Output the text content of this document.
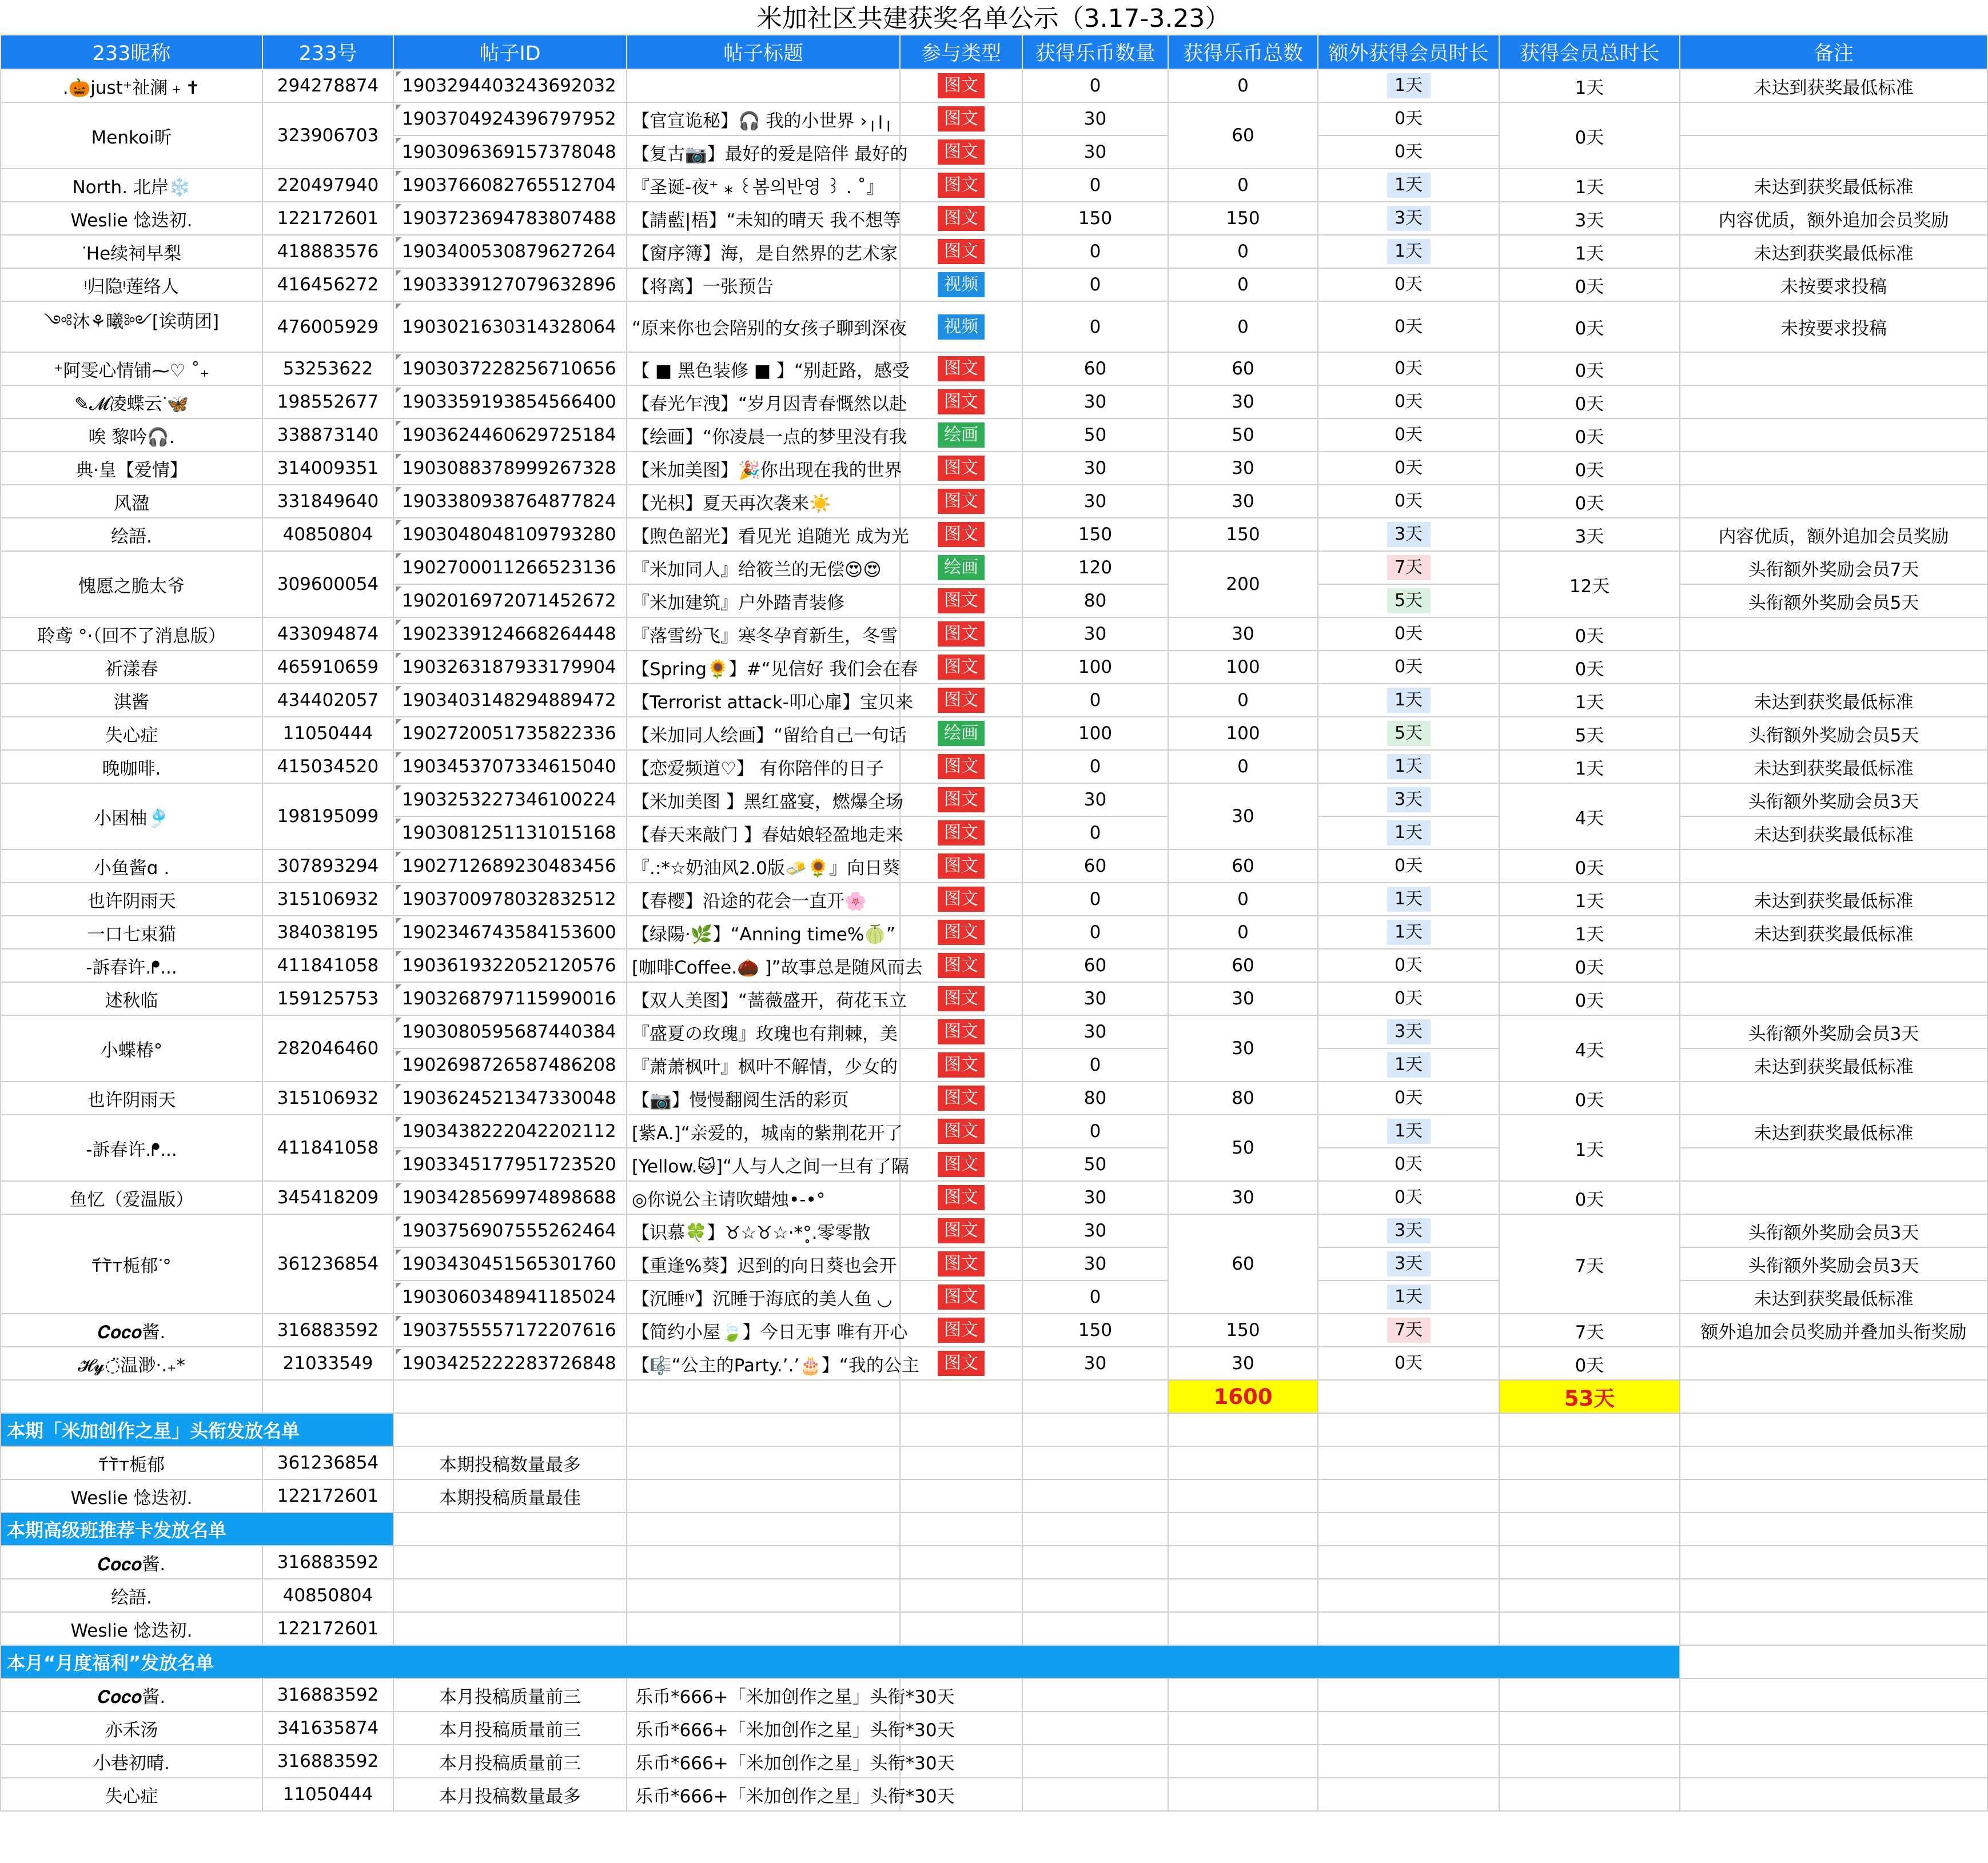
米加社区共建获奖名单公示（3.17-3.23）
233昵称	233号	帖子ID	帖子标题	参与类型	获得乐币数量	获得乐币总数	额外获得会员时长	获得会员总时长	备注
.🎃just⁺祉澜﹢✝	294278874	1903294403243692032		图文	0	0	1天	1天	未达到获奖最低标准
Menkoi昕	323906703	1903704924396797952	【官宣诡秘】🎧 我的小世界 ›╷׀╷	图文	30	60	0天	0天	
		1903096369157378048	【复古📷】最好的爱是陪伴 最好的	图文	30		0天		
North. 北岸❄️	220497940	1903766082765512704	『圣诞-夜⁺ ⁎ ꒰봄의반영 ꒱ . ˚』	图文	0	0	1天	1天	未达到获奖最低标准
Weslie 惗迭初.	122172601	1903723694783807488	【請藍|梧】“未知的晴天 我不想等	图文	150	150	3天	3天	内容优质，额外追加会员奖励
ᐝHe续祠早梨	418883576	1903400530879627264	【窗序簿】海，是自然界的艺术家	图文	0	0	1天	1天	未达到获奖最低标准
ᵎ归隐ᵎ莲络人	416456272	1903339127079632896	【将离】一张预告	视频	0	0	0天	0天	未按要求投稿
༺沐⚘曦༻[诶萌团]	476005929	1903021630314328064	“原来你也会陪别的女孩子聊到深夜	视频	0	0	0天	0天	未按要求投稿
⁺阿雯心情铺⁓♡ ˚₊	53253622	1903037228256710656	【 ■ 黑色装修 ■ 】“别赶路，感受	图文	60	60	0天	0天	
✎𝓜凌蝶云ᐝ🦋	198552677	1903359193854566400	【春光乍洩】“岁月因青春慨然以赴	图文	30	30	0天	0天	
唉 黎吟🎧.	338873140	1903624460629725184	【绘画】“你凌晨一点的梦里没有我	绘画	50	50	0天	0天	
典·皇【爱情】	314009351	1903088378999267328	【米加美图】🎉你出现在我的世界	图文	30	30	0天	0天	
风溋	331849640	1903380938764877824	【光枳】夏天再次袭来☀️	图文	30	30	0天	0天	
绘語.	40850804	1903048048109793280	【煦色韶光】看见光 追随光 成为光	图文	150	150	3天	3天	内容优质，额外追加会员奖励
愧愿之脆太爷	309600054	1902700011266523136	『米加同人』给筱兰的无偿😍😍	绘画	120	200	7天	12天	头衔额外奖励会员7天
		1902016972071452672	『米加建筑』户外踏青装修	图文	80		5天		头衔额外奖励会员5天
聆鸢 °·（回不了消息版）	433094874	1902339124668264448	『落雪纷飞』寒冬孕育新生，冬雪	图文	30	30	0天	0天	
祈漾春	465910659	1903263187933179904	【Spring🌻】#“见信好 我们会在春	图文	100	100	0天	0天	
淇酱	434402057	1903403148294889472	【Terrorist attack-叩心扉】宝贝来	图文	0	0	1天	1天	未达到获奖最低标准
失心症	11050444	1902720051735822336	【米加同人绘画】“留给自己一句话	绘画	100	100	5天	5天	头衔额外奖励会员5天
晚咖啡.	415034520	1903453707334615040	【恋爱频道♡】 有你陪伴的日子	图文	0	0	1天	1天	未达到获奖最低标准
小困柚🎐	198195099	1903253227346100224	【米加美图 】黑红盛宴，燃爆全场	图文	30	30	3天	4天	头衔额外奖励会员3天
		1903081251131015168	【春天来敲门 】春姑娘轻盈地走来	图文	0		1天		未达到获奖最低标准
小鱼酱ɑ .	307893294	1902712689230483456	『.:*☆奶油风2.0版🧈🌻』向日葵	图文	60	60	0天	0天	
也许阴雨天	315106932	1903700978032832512	【春樱】沿途的花会一直开🌸	图文	0	0	1天	1天	未达到获奖最低标准
一口七束猫	384038195	1902346743584153600	【绿陽·🌿】“Anning time%🍈”	图文	0	0	1天	1天	未达到获奖最低标准
-訴春许.ᖰ...	411841058	1903619322052120576	[咖啡Coffee.🌰 ]”故事总是随风而去	图文	60	60	0天	0天	
述秋临	159125753	1903268797115990016	【双人美图】“蔷薇盛开，荷花玉立	图文	30	30	0天	0天	
小蝶椿°	282046460	1903080595687440384	『盛夏の玫瑰』玫瑰也有荆棘，美	图文	30	30	3天	4天	头衔额外奖励会员3天
		1902698726587486208	『萧萧枫叶』枫叶不解情，少女的	图文	0		1天		未达到获奖最低标准
也许阴雨天	315106932	1903624521347330048	【📷】慢慢翻阅生活的彩页	图文	80	80	0天	0天	
-訴春许.ᖰ...	411841058	1903438222042202112	[紫A.]“亲爱的，城南的紫荆花开了	图文	0	50	1天	1天	未达到获奖最低标准
		1903345177951723520	[Yellow.🐱]“人与人之间一旦有了隔	图文	50		0天		
鱼忆（爱温版）	345418209	1903428569974898688	◎你说公主请吹蜡烛•-•°	图文	30	30	0天	0天	
ᴛ᷄ᴛ᷅ᴛ栀郁ᐝ°	361236854	1903756907555262464	【识慕🍀】♉☆♉☆·*°̥.零零散	图文	30	60	3天	7天	头衔额外奖励会员3天
		1903430451565301760	【重逢%葵】迟到的向日葵也会开	图文	30		3天		头衔额外奖励会员3天
		1903060348941185024	【沉睡ᵎᵞ】沉睡于海底的美人鱼 ◟◞	图文	0		1天		未达到获奖最低标准
𝑪𝒐𝒄𝒐酱.	316883592	1903755557172207616	【简约小屋🍃】今日无事 唯有开心	图文	150	150	7天	7天	额外追加会员奖励并叠加头衔奖励
𝓗𝔂◌̈温渺·.₊*	21033549	1903425222283726848	【🎼“公主的Party.’.’🎂】“我的公主	图文	30	30	0天	0天	
						1600		53天	
本期「米加创作之星」头衔发放名单									
ᴛ᷄ᴛ᷅ᴛ栀郁	361236854	本期投稿数量最多							
Weslie 惗迭初.	122172601	本期投稿质量最佳							
本期高级班推荐卡发放名单									
𝑪𝒐𝒄𝒐酱.	316883592								
绘語.	40850804								
Weslie 惗迭初.	122172601								
本月“月度福利”发放名单									
𝑪𝒐𝒄𝒐酱.	316883592	本月投稿质量前三	乐币*666+「米加创作之星」头衔*30天						
亦禾汤	341635874	本月投稿质量前三	乐币*666+「米加创作之星」头衔*30天						
小巷初晴.	316883592	本月投稿质量前三	乐币*666+「米加创作之星」头衔*30天						
失心症	11050444	本月投稿数量最多	乐币*666+「米加创作之星」头衔*30天						
